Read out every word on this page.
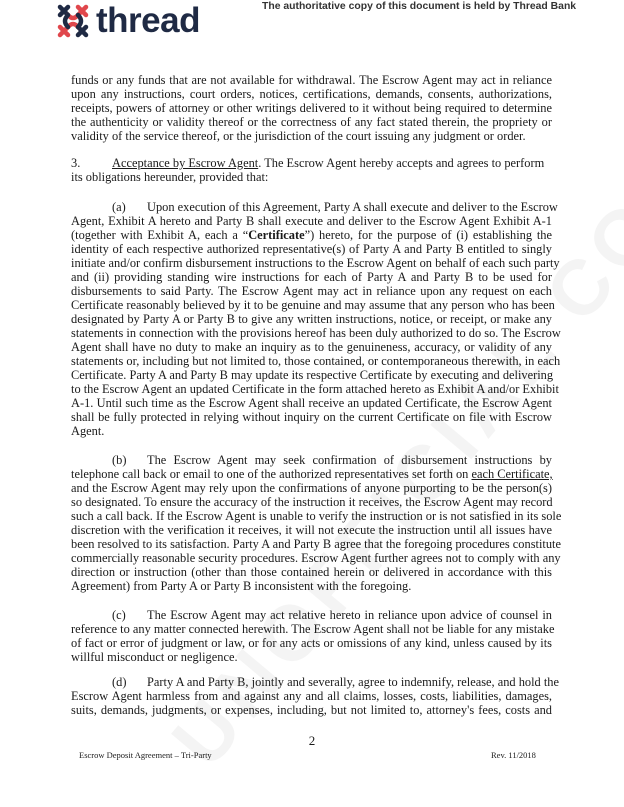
thread	The authoritative copy of this document is held by Thread Bank
funds or any funds that are not available for withdrawal. The Escrow Agent may act in reliance
upon any instructions, court orders, notices, certifications, demands, consents, authorizations,
receipts, powers of attorney or other writings delivered to it without being required to determine
the authenticity or validity thereof or the correctness of any fact stated therein, the propriety or
validity of the service thereof, or the jurisdiction of the court issuing any judgment or order.
3.	Acceptance by Escrow Agent. The Escrow Agent hereby accepts and agrees to perform
its obligations hereunder, provided that:
(a) Upon execution of this Agreement, Party A shall execute and deliver to the Escrow
Agent, Exhibit A hereto and Party B shall execute and deliver to the Escrow Agent Exhibit A-1
(together with Exhibit A, each a “Certificate”) hereto, for the purpose of (i) establishing the
identity of each respective authorized representative(s) of Party A and Party B entitled to singly
initiate and/or confirm disbursement instructions to the Escrow Agent on behalf of each such party
and (ii) providing standing wire instructions for each of Party A and Party B to be used for
disbursements to said Party. The Escrow Agent may act in reliance upon any request on each
Certificate reasonably believed by it to be genuine and may assume that any person who has been
designated by Party A or Party B to give any written instructions, notice, or receipt, or make any
statements in connection with the provisions hereof has been duly authorized to do so. The Escrow
Agent shall have no duty to make an inquiry as to the genuineness, accuracy, or validity of any
statements or, including but not limited to, those contained, or contemporaneous therewith, in each
Certificate. Party A and Party B may update its respective Certificate by executing and delivering
to the Escrow Agent an updated Certificate in the form attached hereto as Exhibit A and/or Exhibit
A-1. Until such time as the Escrow Agent shall receive an updated Certificate, the Escrow Agent
shall be fully protected in relying without inquiry on the current Certificate on file with Escrow
Agent.
(b) The Escrow Agent may seek confirmation of disbursement instructions by
telephone call back or email to one of the authorized representatives set forth on each Certificate,
and the Escrow Agent may rely upon the confirmations of anyone purporting to be the person(s)
so designated. To ensure the accuracy of the instruction it receives, the Escrow Agent may record
such a call back. If the Escrow Agent is unable to verify the instruction or is not satisfied in its sole
discretion with the verification it receives, it will not execute the instruction until all issues have
been resolved to its satisfaction. Party A and Party B agree that the foregoing procedures constitute
commercially reasonable security procedures. Escrow Agent further agrees not to comply with any
direction or instruction (other than those contained herein or delivered in accordance with this
Agreement) from Party A or Party B inconsistent with the foregoing.
(c) The Escrow Agent may act relative hereto in reliance upon advice of counsel in
reference to any matter connected herewith. The Escrow Agent shall not be liable for any mistake
of fact or error of judgment or law, or for any acts or omissions of any kind, unless caused by its
willful misconduct or negligence.
(d) Party A and Party B, jointly and severally, agree to indemnify, release, and hold the
Escrow Agent harmless from and against any and all claims, losses, costs, liabilities, damages,
suits, demands, judgments, or expenses, including, but not limited to, attorney's fees, costs and
2
Escrow Deposit Agreement – Tri-Party	Rev. 11/2018
